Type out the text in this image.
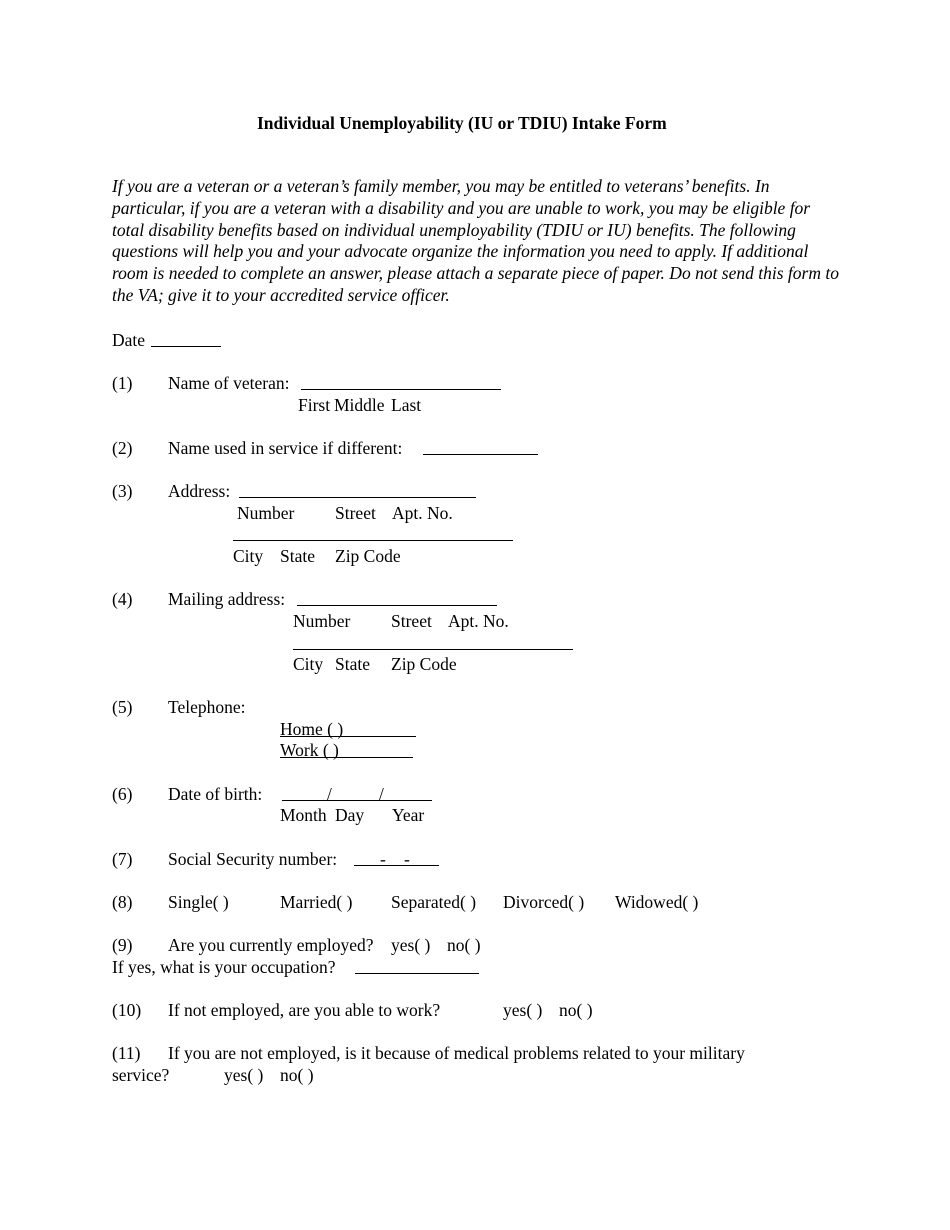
Individual Unemployability (IU or TDIU) Intake Form
If you are a veteran or a veteran’s family member, you may be entitled to veterans’ benefits. In particular, if you are a veteran with a disability and you are unable to work, you may be eligible for total disability benefits based on individual unemployability (TDIU or IU) benefits. The following questions will help you and your advocate organize the information you need to apply. If additional room is needed to complete an answer, please attach a separate piece of paper. Do not send this form to the VA; give it to your accredited service officer.
Date
(1) Name of veteran:
First Middle Last
(2) Name used in service if different:
(3) Address:
Number Street Apt. No.
City State Zip Code
(4) Mailing address:
Number Street Apt. No.
City State Zip Code
(5) Telephone:
Home ( )
Work ( )
(6) Date of birth:	/	/
Month Day Year
(7) Social Security number: - -
(8) Single( )	Married( ) Separated( ) Divorced( ) Widowed( )
(9) Are you currently employed? yes( ) no( )
If yes, what is your occupation?
(10) If not employed, are you able to work?	yes( ) no( )
(11) If you are not employed, is it because of medical problems related to your military
service?	yes( ) no( )
